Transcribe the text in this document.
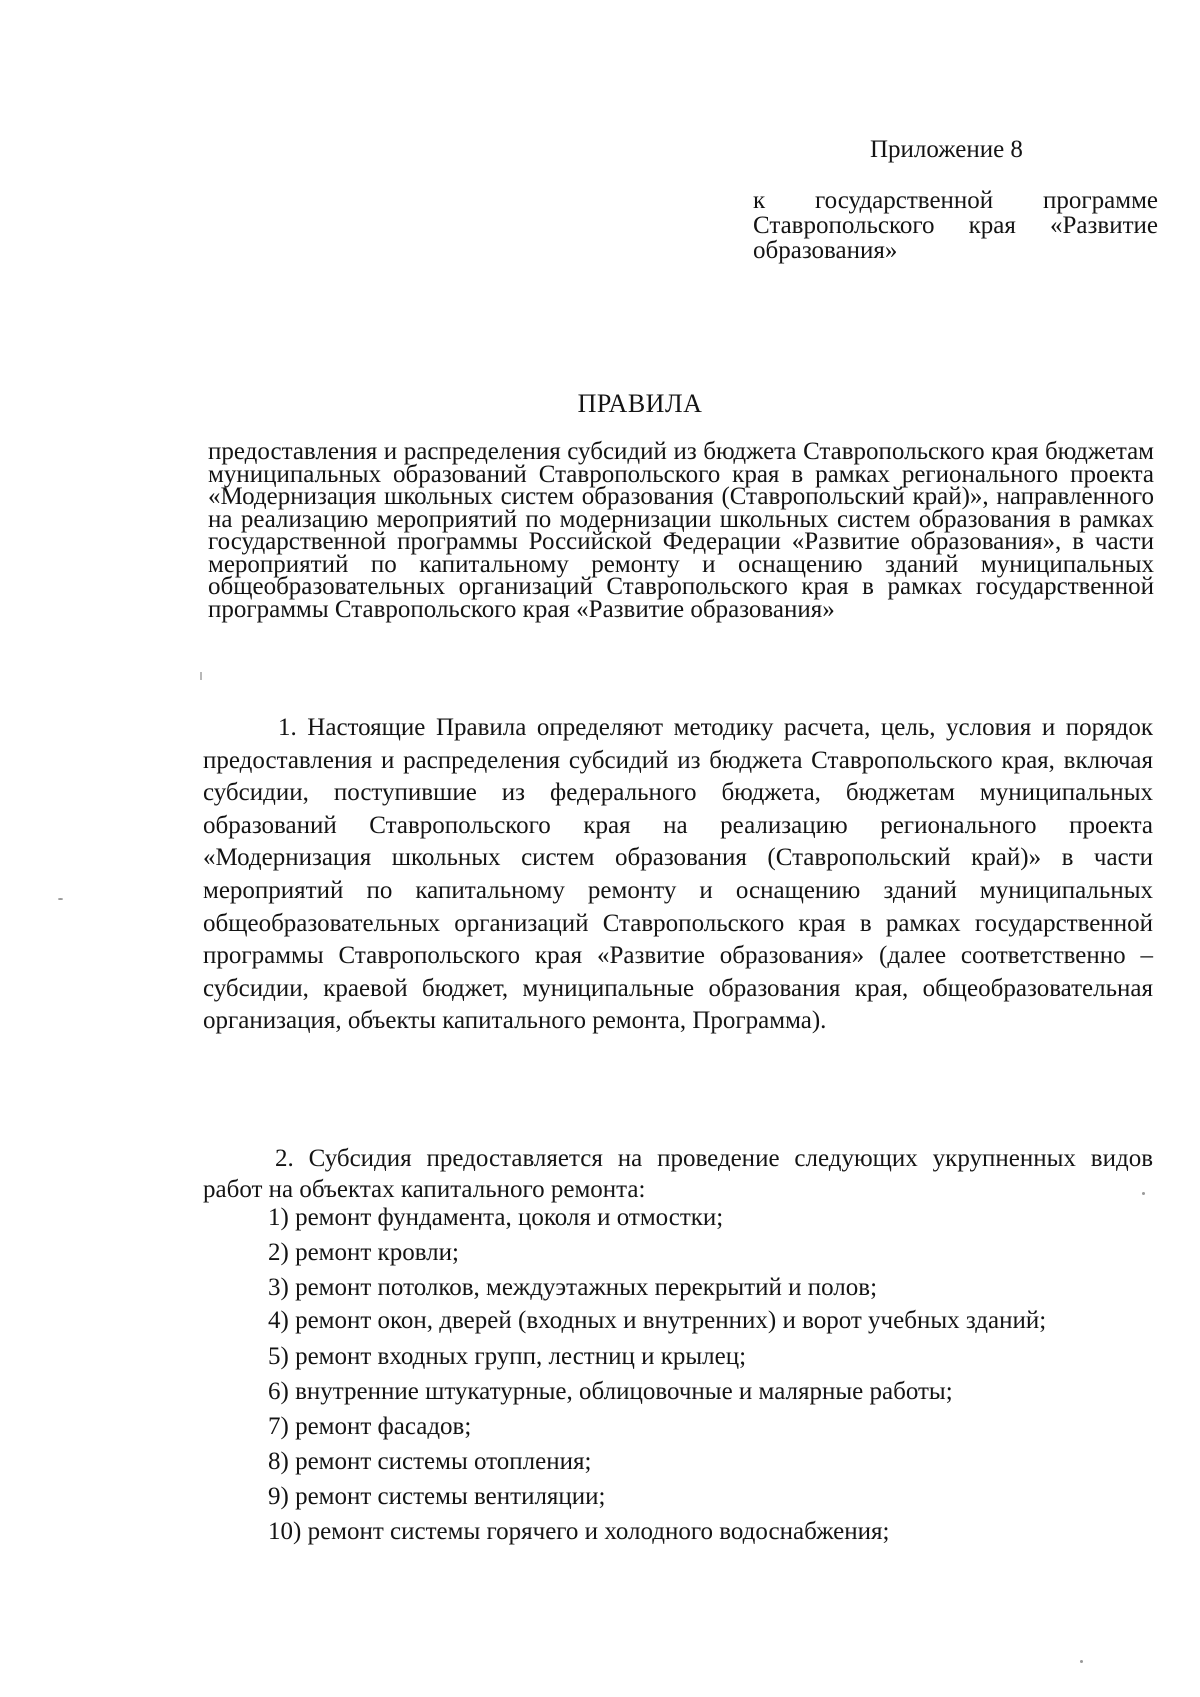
Приложение 8
к государственной программе Ставропольского края «Развитие образования»
ПРАВИЛА
предоставления и распределения субсидий из бюджета Ставропольского края бюджетам муниципальных образований Ставропольского края в рамках регионального проекта «Модернизация школьных систем образования (Ставропольский край)», направленного на реализацию мероприятий по модернизации школьных систем образования в рамках государственной программы Российской Федерации «Развитие образования», в части мероприятий по капитальному ремонту и оснащению зданий муниципальных общеобразовательных организаций Ставропольского края в рамках государственной программы Ставропольского края «Развитие образования»

1. Настоящие Правила определяют методику расчета, цель, условия и порядок предоставления и распределения субсидий из бюджета Ставропольского края, включая субсидии, поступившие из федерального бюджета, бюджетам муниципальных образований Ставропольского края на реализацию регионального проекта «Модернизация школьных систем образования (Ставропольский край)» в части мероприятий по капитальному ремонту и оснащению зданий муниципальных общеобразовательных организаций Ставропольского края в рамках государственной программы Ставропольского края «Развитие образования» (далее соответственно – субсидии, краевой бюджет, муниципальные образования края, общеобразовательная организация, объекты капитального ремонта, Программа).

2. Субсидия предоставляется на проведение следующих укрупненных видов работ на объектах капитального ремонта:

1) ремонт фундамента, цоколя и отмостки;
2) ремонт кровли;
3) ремонт потолков, междуэтажных перекрытий и полов;
4) ремонт окон, дверей (входных и внутренних) и ворот учебных зданий;
5) ремонт входных групп, лестниц и крылец;
6) внутренние штукатурные, облицовочные и малярные работы;
7) ремонт фасадов;
8) ремонт системы отопления;
9) ремонт системы вентиляции;
10) ремонт системы горячего и холодного водоснабжения;
